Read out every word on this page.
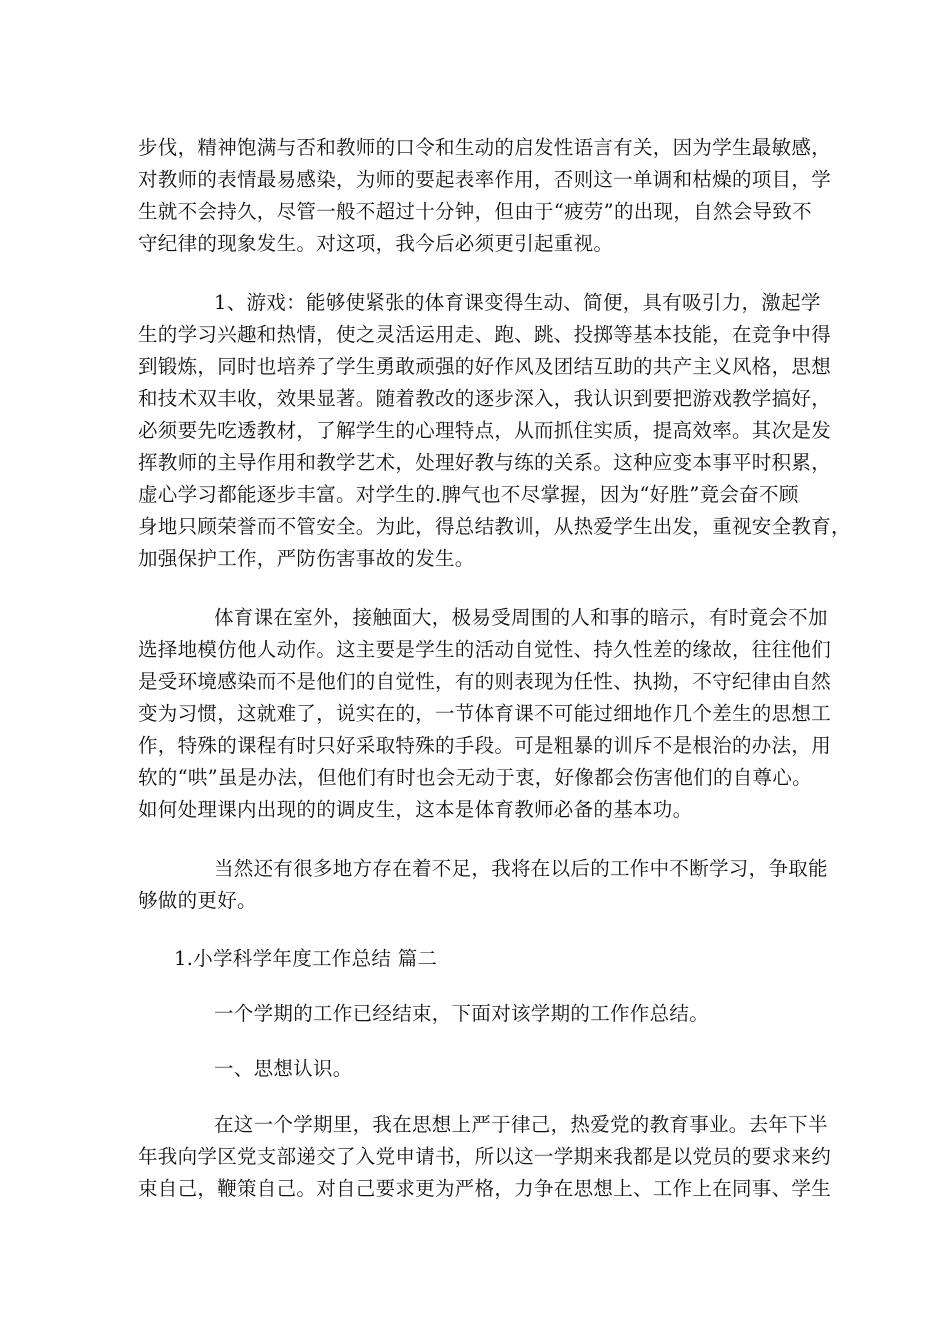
步伐，精神饱满与否和教师的口令和生动的启发性语言有关，因为学生最敏感，
对教师的表情最易感染，为师的要起表率作用，否则这一单调和枯燥的项目，学
生就不会持久，尽管一般不超过十分钟，但由于“疲劳”的出现，自然会导致不
守纪律的现象发生。对这项，我今后必须更引起重视。
1、游戏：能够使紧张的体育课变得生动、简便，具有吸引力，激起学
生的学习兴趣和热情，使之灵活运用走、跑、跳、投掷等基本技能，在竞争中得
到锻炼，同时也培养了学生勇敢顽强的好作风及团结互助的共产主义风格，思想
和技术双丰收，效果显著。随着教改的逐步深入，我认识到要把游戏教学搞好，
必须要先吃透教材，了解学生的心理特点，从而抓住实质，提高效率。其次是发
挥教师的主导作用和教学艺术，处理好教与练的关系。这种应变本事平时积累，
虚心学习都能逐步丰富。对学生的.脾气也不尽掌握，因为“好胜”竟会奋不顾
身地只顾荣誉而不管安全。为此，得总结教训，从热爱学生出发，重视安全教育，
加强保护工作，严防伤害事故的发生。
体育课在室外，接触面大，极易受周围的人和事的暗示，有时竟会不加
选择地模仿他人动作。这主要是学生的活动自觉性、持久性差的缘故，往往他们
是受环境感染而不是他们的自觉性，有的则表现为任性、执拗，不守纪律由自然
变为习惯，这就难了，说实在的，一节体育课不可能过细地作几个差生的思想工
作，特殊的课程有时只好采取特殊的手段。可是粗暴的训斥不是根治的办法，用
软的“哄”虽是办法，但他们有时也会无动于衷，好像都会伤害他们的自尊心。
如何处理课内出现的的调皮生，这本是体育教师必备的基本功。
当然还有很多地方存在着不足，我将在以后的工作中不断学习，争取能
够做的更好。
1.小学科学年度工作总结 篇二
一个学期的工作已经结束，下面对该学期的工作作总结。
一、思想认识。
在这一个学期里，我在思想上严于律己，热爱党的教育事业。去年下半
年我向学区党支部递交了入党申请书，所以这一学期来我都是以党员的要求来约
束自己，鞭策自己。对自己要求更为严格，力争在思想上、工作上在同事、学生
